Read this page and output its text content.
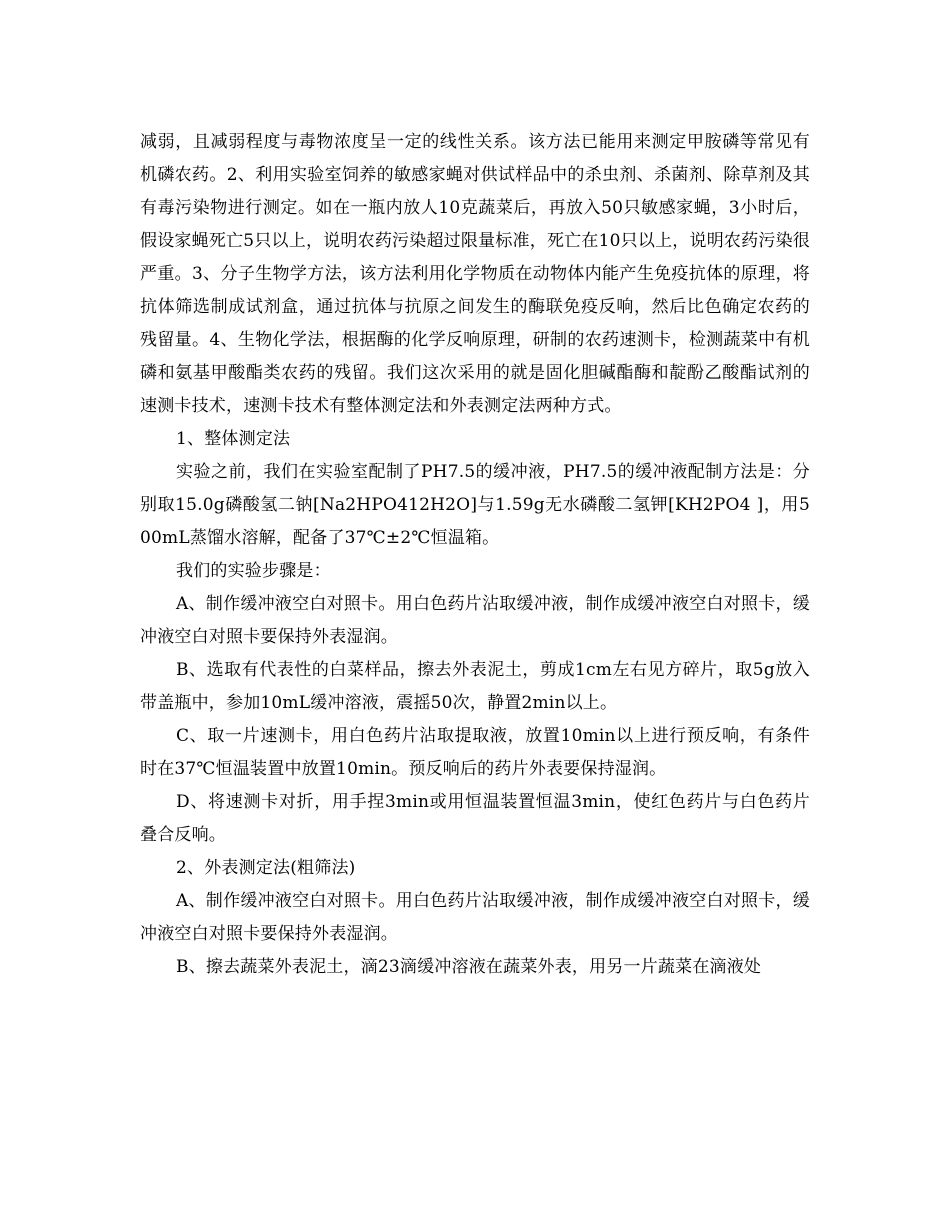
减弱，且减弱程度与毒物浓度呈一定的线性关系。该方法已能用来测定甲胺磷等常见有机磷农药。2、利用实验室饲养的敏感家蝇对供试样品中的杀虫剂、杀菌剂、除草剂及其有毒污染物进行测定。如在一瓶内放人10克蔬菜后，再放入50只敏感家蝇，3小时后，假设家蝇死亡5只以上，说明农药污染超过限量标准，死亡在10只以上，说明农药污染很严重。3、分子生物学方法，该方法利用化学物质在动物体内能产生免疫抗体的原理，将抗体筛选制成试剂盒，通过抗体与抗原之间发生的酶联免疫反响，然后比色确定农药的残留量。4、生物化学法，根据酶的化学反响原理，研制的农药速测卡，检测蔬菜中有机磷和氨基甲酸酯类农药的残留。我们这次采用的就是固化胆碱酯酶和靛酚乙酸酯试剂的速测卡技术，速测卡技术有整体测定法和外表测定法两种方式。

1、整体测定法

实验之前，我们在实验室配制了PH7.5的缓冲液，PH7.5的缓冲液配制方法是：分别取15.0g磷酸氢二钠[Na2HPO412H2O]与1.59g无水磷酸二氢钾[KH2PO4 ]，用500mL蒸馏水溶解，配备了37℃±2℃恒温箱。

我们的实验步骤是：

A、制作缓冲液空白对照卡。用白色药片沾取缓冲液，制作成缓冲液空白对照卡，缓冲液空白对照卡要保持外表湿润。

B、选取有代表性的白菜样品，擦去外表泥土，剪成1cm左右见方碎片，取5g放入带盖瓶中，参加10mL缓冲溶液，震摇50次，静置2min以上。

C、取一片速测卡，用白色药片沾取提取液，放置10min以上进行预反响，有条件时在37℃恒温装置中放置10min。预反响后的药片外表要保持湿润。

D、将速测卡对折，用手捏3min或用恒温装置恒温3min，使红色药片与白色药片叠合反响。

2、外表测定法(粗筛法)

A、制作缓冲液空白对照卡。用白色药片沾取缓冲液，制作成缓冲液空白对照卡，缓冲液空白对照卡要保持外表湿润。

B、擦去蔬菜外表泥土，滴23滴缓冲溶液在蔬菜外表，用另一片蔬菜在滴液处
